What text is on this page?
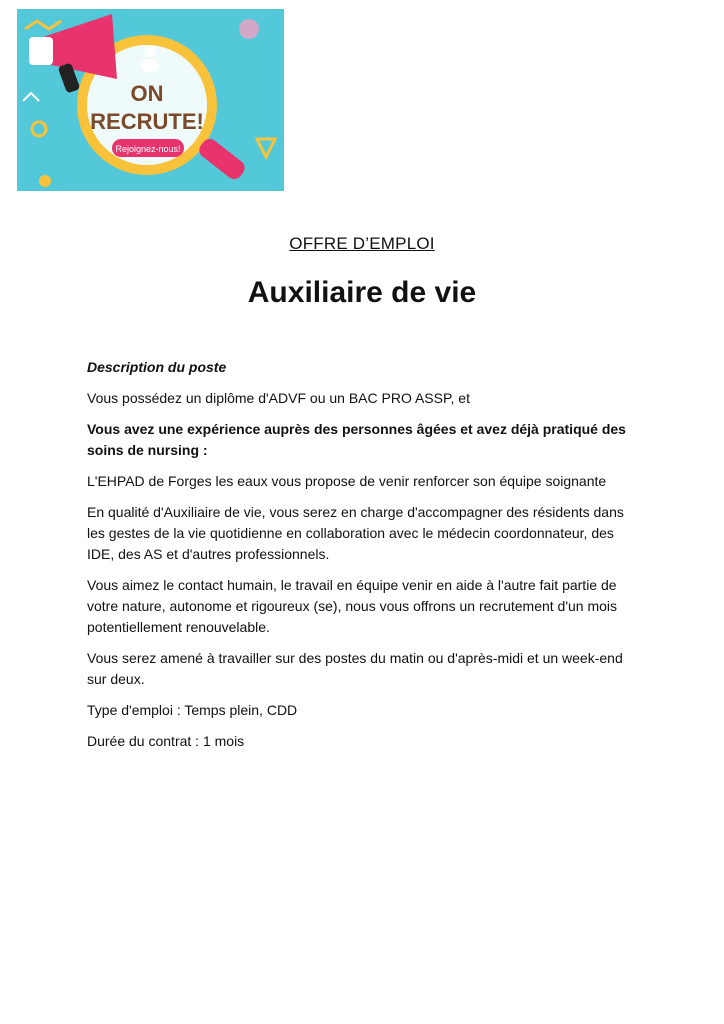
ON
RECRUTE!
Rejoignez-nous!
OFFRE D’EMPLOI
Auxiliaire de vie

Description du poste

Vous possédez un diplôme d'ADVF ou un BAC PRO ASSP, et

Vous avez une expérience auprès des personnes âgées et avez déjà pratiqué des soins de nursing :

L'EHPAD de Forges les eaux vous propose de venir renforcer son équipe soignante

En qualité d'Auxiliaire de vie, vous serez en charge d'accompagner des résidents dans les gestes de la vie quotidienne en collaboration avec le médecin coordonnateur, des IDE, des AS et d'autres professionnels.

Vous aimez le contact humain, le travail en équipe venir en aide à l'autre fait partie de votre nature, autonome et rigoureux (se), nous vous offrons un recrutement d'un mois potentiellement renouvelable.

Vous serez amené à travailler sur des postes du matin ou d'après-midi et un week-end sur deux.

Type d'emploi : Temps plein, CDD

Durée du contrat : 1 mois
